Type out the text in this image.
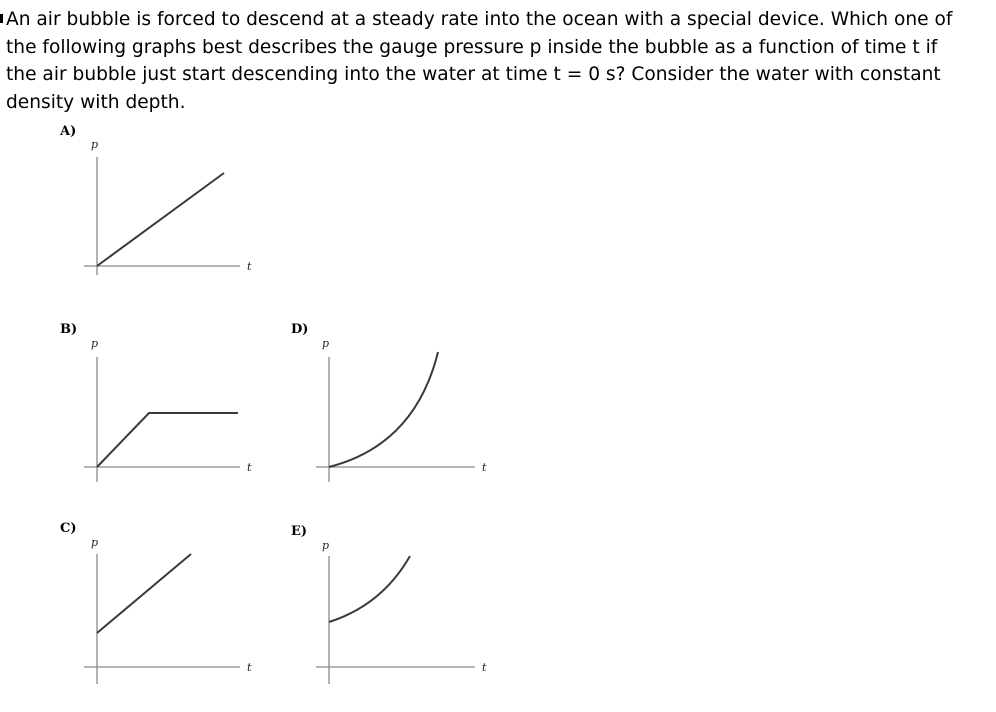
An air bubble is forced to descend at a steady rate into the ocean with a special device. Which one of
the following graphs best describes the gauge pressure p inside the bubble as a function of time t if
the air bubble just start descending into the water at time t = 0 s? Consider the water with constant
density with depth.
A)
B)
C)
D)
E)
p
t
p
t
p
t
p
t
p
t
